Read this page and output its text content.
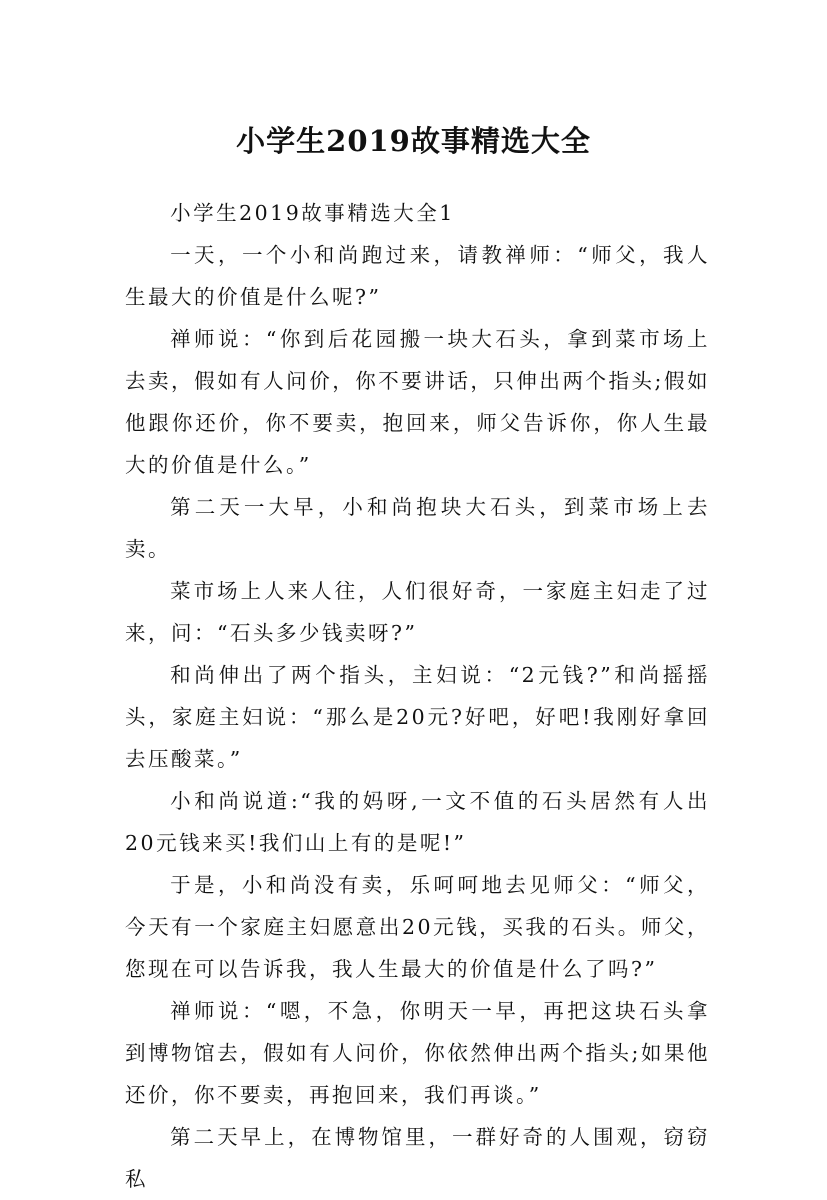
小学生2019故事精选大全

小学生2019故事精选大全1

一天，一个小和尚跑过来，请教禅师：“师父，我人生最大的价值是什么呢?”

禅师说：“你到后花园搬一块大石头，拿到菜市场上去卖，假如有人问价，你不要讲话，只伸出两个指头;假如他跟你还价，你不要卖，抱回来，师父告诉你，你人生最大的价值是什么。”

第二天一大早，小和尚抱块大石头，到菜市场上去卖。

菜市场上人来人往，人们很好奇，一家庭主妇走了过来，问：“石头多少钱卖呀?”

和尚伸出了两个指头，主妇说：“2元钱?”和尚摇摇头，家庭主妇说：“那么是20元?好吧，好吧!我刚好拿回去压酸菜。”

小和尚说道:“我的妈呀,一文不值的石头居然有人出20元钱来买!我们山上有的是呢!”

于是，小和尚没有卖，乐呵呵地去见师父：“师父，今天有一个家庭主妇愿意出20元钱，买我的石头。师父，您现在可以告诉我，我人生最大的价值是什么了吗?”

禅师说：“嗯，不急，你明天一早，再把这块石头拿到博物馆去，假如有人问价，你依然伸出两个指头;如果他还价，你不要卖，再抱回来，我们再谈。”

第二天早上，在博物馆里，一群好奇的人围观，窃窃私
